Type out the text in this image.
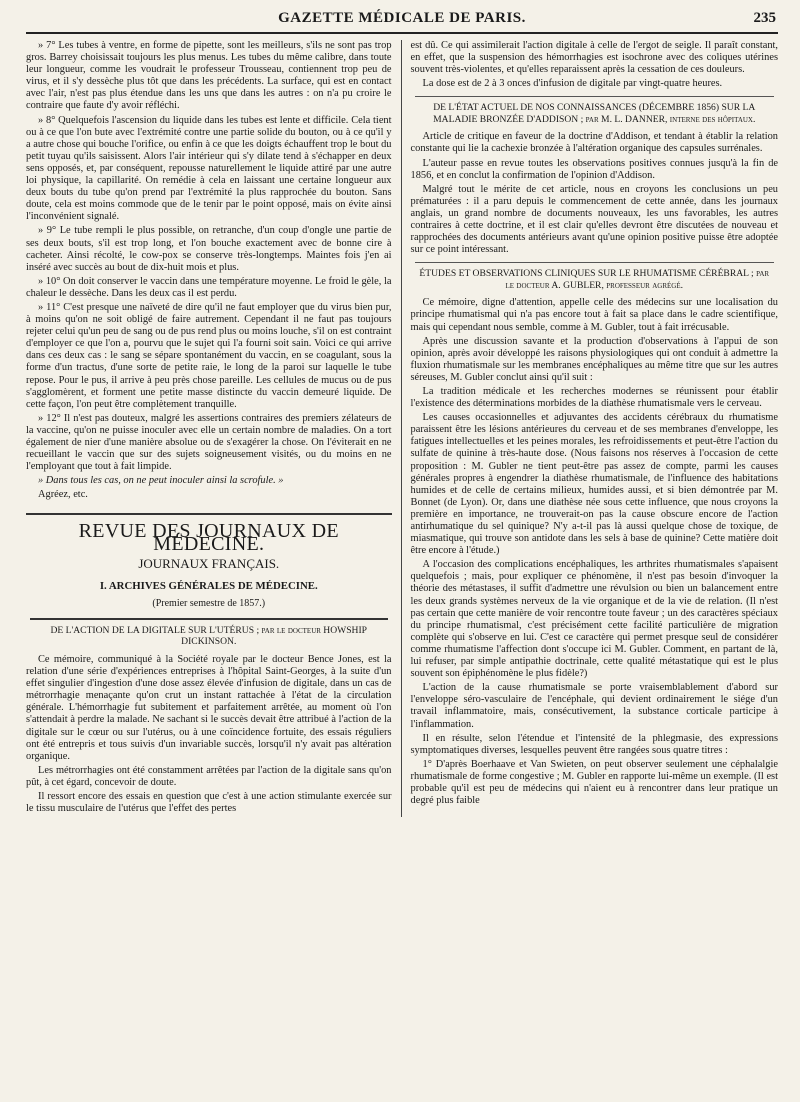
GAZETTE MÉDICALE DE PARIS.	235

» 7° Les tubes à ventre, en forme de pipette, sont les meilleurs, s'ils ne sont pas trop gros. Barrey choisissait toujours les plus menus. Les tubes du même calibre, dans toute leur longueur, comme les voudrait le professeur Trousseau, contiennent trop peu de virus, et il s'y dessèche plus tôt que dans les précédents. La surface, qui est en contact avec l'air, n'est pas plus étendue dans les uns que dans les autres : on n'a pu croire le contraire que faute d'y avoir réfléchi.

» 8° Quelquefois l'ascension du liquide dans les tubes est lente et difficile. Cela tient ou à ce que l'on bute avec l'extrémité contre une partie solide du bouton, ou à ce qu'il y a autre chose qui bouche l'orifice, ou enfin à ce que les doigts échauffent trop le bout du petit tuyau qu'ils saisissent. Alors l'air intérieur qui s'y dilate tend à s'échapper en deux sens opposés, et, par conséquent, repousse naturellement le liquide attiré par une autre loi physique, la capillarité. On remédie à cela en laissant une certaine longueur aux deux bouts du tube qu'on prend par l'extrémité la plus rapprochée du bouton. Sans doute, cela est moins commode que de le tenir par le point opposé, mais on évite ainsi l'inconvénient signalé.

» 9° Le tube rempli le plus possible, on retranche, d'un coup d'ongle une partie de ses deux bouts, s'il est trop long, et l'on bouche exactement avec de bonne cire à cacheter. Ainsi récolté, le cow-pox se conserve très-longtemps. Maintes fois j'en ai inséré avec succès au bout de dix-huit mois et plus.

» 10° On doit conserver le vaccin dans une température moyenne. Le froid le gèle, la chaleur le dessèche. Dans les deux cas il est perdu.

» 11° C'est presque une naïveté de dire qu'il ne faut employer que du virus bien pur, à moins qu'on ne soit obligé de faire autrement. Cependant il ne faut pas toujours rejeter celui qu'un peu de sang ou de pus rend plus ou moins louche, s'il on est contraint d'employer ce que l'on a, pourvu que le sujet qui l'a fourni soit sain. Voici ce qui arrive dans ces deux cas : le sang se sépare spontanément du vaccin, en se coagulant, sous la forme d'un tractus, d'une sorte de petite raie, le long de la paroi sur laquelle le tube repose. Pour le pus, il arrive à peu près chose pareille. Les cellules de mucus ou de pus s'agglomèrent, et forment une petite masse distincte du vaccin demeuré liquide. De cette façon, l'on peut être complètement tranquille.

» 12° Il n'est pas douteux, malgré les assertions contraires des premiers zélateurs de la vaccine, qu'on ne puisse inoculer avec elle un certain nombre de maladies. On a tort également de nier d'une manière absolue ou de s'exagérer la chose. On l'éviterait en ne recueillant le vaccin que sur des sujets soigneusement visités, ou du moins en ne l'employant que tout à fait limpide.

» Dans tous les cas, on ne peut inoculer ainsi la scrofule. »

Agréez, etc.

REVUE DES JOURNAUX DE MÉDECINE.
JOURNAUX FRANÇAIS.
I. ARCHIVES GÉNÉRALES DE MÉDECINE.
(Premier semestre de 1857.)
DE L'ACTION DE LA DIGITALE SUR L'UTÉRUS ; par le docteur HOWSHIP DICKINSON.

Ce mémoire, communiqué à la Société royale par le docteur Bence Jones, est la relation d'une série d'expériences entreprises à l'hôpital Saint-Georges, à la suite d'un effet singulier d'ingestion d'une dose assez élevée d'infusion de digitale, dans un cas de métrorrhagie menaçante qu'on crut un instant rattachée à l'état de la circulation générale. L'hémorrhagie fut subitement et parfaitement arrêtée, au moment où l'on s'attendait à perdre la malade. Ne sachant si le succès devait être attribué à l'action de la digitale sur le cœur ou sur l'utérus, ou à une coïncidence fortuite, des essais réguliers ont été entrepris et tous suivis d'un invariable succès, lorsqu'il n'y avait pas altération organique.

Les métrorrhagies ont été constamment arrêtées par l'action de la digitale sans qu'on pût, à cet égard, concevoir de doute.

Il ressort encore des essais en question que c'est à une action stimulante exercée sur le tissu musculaire de l'utérus que l'effet des pertes

est dû. Ce qui assimilerait l'action digitale à celle de l'ergot de seigle. Il paraît constant, en effet, que la suspension des hémorrhagies est isochrone avec des coliques utérines souvent très-violentes, et qu'elles reparaissent après la cessation de ces douleurs.

La dose est de 2 à 3 onces d'infusion de digitale par vingt-quatre heures.

DE L'ÉTAT ACTUEL DE NOS CONNAISSANCES (DÉCEMBRE 1856) SUR LA MALADIE BRONZÉE D'ADDISON ; par M. L. DANNER, interne des hôpitaux.

Article de critique en faveur de la doctrine d'Addison, et tendant à établir la relation constante qui lie la cachexie bronzée à l'altération organique des capsules surrénales.

L'auteur passe en revue toutes les observations positives connues jusqu'à la fin de 1856, et en conclut la confirmation de l'opinion d'Addison.

Malgré tout le mérite de cet article, nous en croyons les conclusions un peu prématurées : il a paru depuis le commencement de cette année, dans les journaux anglais, un grand nombre de documents nouveaux, les uns favorables, les autres contraires à cette doctrine, et il est clair qu'elles devront être discutées de nouveau et rapprochées des documents antérieurs avant qu'une opinion positive puisse être adoptée sur ce point intéressant.

ÉTUDES ET OBSERVATIONS CLINIQUES SUR LE RHUMATISME CÉRÉBRAL ; par le docteur A. GUBLER, professeur agrégé.

Ce mémoire, digne d'attention, appelle celle des médecins sur une localisation du principe rhumatismal qui n'a pas encore tout à fait sa place dans le cadre scientifique, mais qui cependant nous semble, comme à M. Gubler, tout à fait irrécusable.

Après une discussion savante et la production d'observations à l'appui de son opinion, après avoir développé les raisons physiologiques qui ont conduit à admettre la fluxion rhumatismale sur les membranes encéphaliques au même titre que sur les autres séreuses, M. Gubler conclut ainsi qu'il suit :

La tradition médicale et les recherches modernes se réunissent pour établir l'existence des déterminations morbides de la diathèse rhumatismale vers le cerveau.

Les causes occasionnelles et adjuvantes des accidents cérébraux du rhumatisme paraissent être les lésions antérieures du cerveau et de ses membranes d'enveloppe, les fatigues intellectuelles et les peines morales, les refroidissements et peut-être l'action du sulfate de quinine à très-haute dose. (Nous faisons nos réserves à l'occasion de cette proposition : M. Gubler ne tient peut-être pas assez de compte, parmi les causes générales propres à engendrer la diathèse rhumatismale, de l'influence des habitations humides et de celle de certains milieux, humides aussi, et si bien démontrée par M. Bonnet (de Lyon). Or, dans une diathèse née sous cette influence, que nous croyons la première en importance, ne trouverait-on pas la cause obscure encore de l'action antirhumatique du sel quinique? N'y a-t-il pas là aussi quelque chose de toxique, de miasmatique, qui trouve son antidote dans les sels à base de quinine? Cette matière doit être encore à l'étude.)

A l'occasion des complications encéphaliques, les arthrites rhumatismales s'apaisent quelquefois ; mais, pour expliquer ce phénomène, il n'est pas besoin d'invoquer la théorie des métastases, il suffit d'admettre une révulsion ou bien un balancement entre les deux grands systèmes nerveux de la vie organique et de la vie de relation. (Il n'est pas certain que cette manière de voir rencontre toute faveur ; un des caractères spéciaux du principe rhumatismal, c'est précisément cette facilité particulière de migration complète qui s'observe en lui. C'est ce caractère qui permet presque seul de considérer comme rhumatisme l'affection dont s'occupe ici M. Gubler. Comment, en partant de là, lui refuser, par simple antipathie doctrinale, cette qualité métastatique qui est le plus souvent son épiphénomène le plus fidèle?)

L'action de la cause rhumatismale se porte vraisemblablement d'abord sur l'enveloppe séro-vasculaire de l'encéphale, qui devient ordinairement le siége d'un travail inflammatoire, mais, consécutivement, la substance corticale participe à l'inflammation.

Il en résulte, selon l'étendue et l'intensité de la phlegmasie, des expressions symptomatiques diverses, lesquelles peuvent être rangées sous quatre titres :

1° D'après Boerhaave et Van Swieten, on peut observer seulement une céphalalgie rhumatismale de forme congestive ; M. Gubler en rapporte lui-même un exemple. (Il est probable qu'il est peu de médecins qui n'aient eu à rencontrer dans leur pratique un degré plus faible
